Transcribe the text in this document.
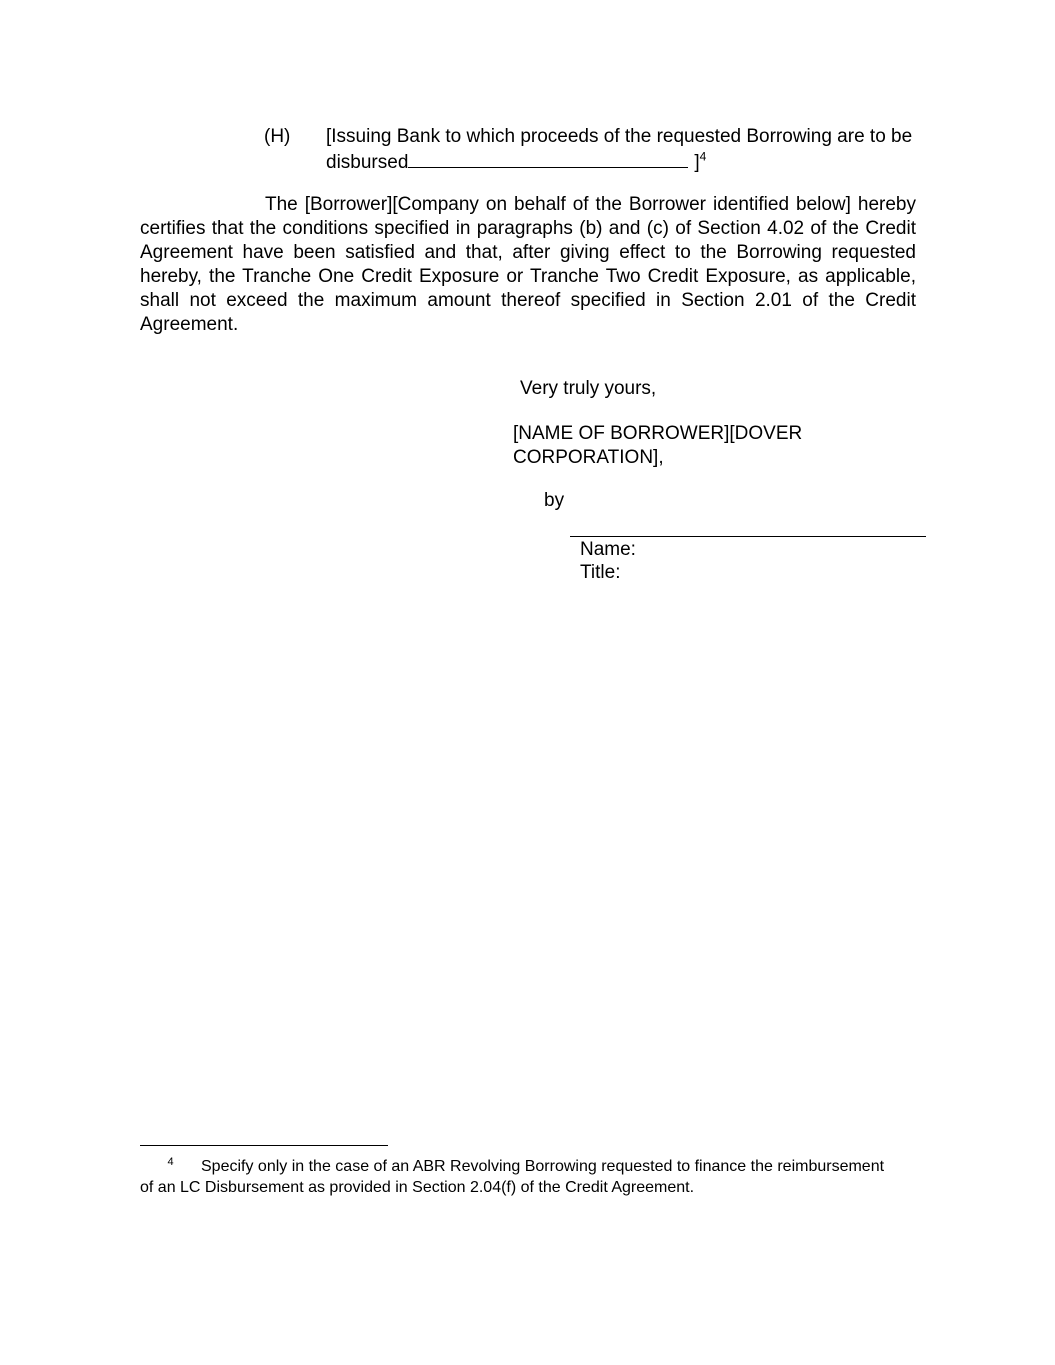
(H) [Issuing Bank to which proceeds of the requested Borrowing are to be disbursed	]$^4$

The [Borrower][Company on behalf of the Borrower identified below] hereby certifies that the conditions specified in paragraphs (b) and (c) of Section 4.02 of the Credit Agreement have been satisfied and that, after giving effect to the Borrowing requested hereby, the Tranche One Credit Exposure or Tranche Two Credit Exposure, as applicable, shall not exceed the maximum amount thereof specified in Section 2.01 of the Credit Agreement.

Very truly yours,
[NAME OF BORROWER][DOVER CORPORATION],
by
Name:
Title:

4 Specify only in the case of an ABR Revolving Borrowing requested to finance the reimbursement of an LC Disbursement as provided in Section 2.04(f) of the Credit Agreement.
